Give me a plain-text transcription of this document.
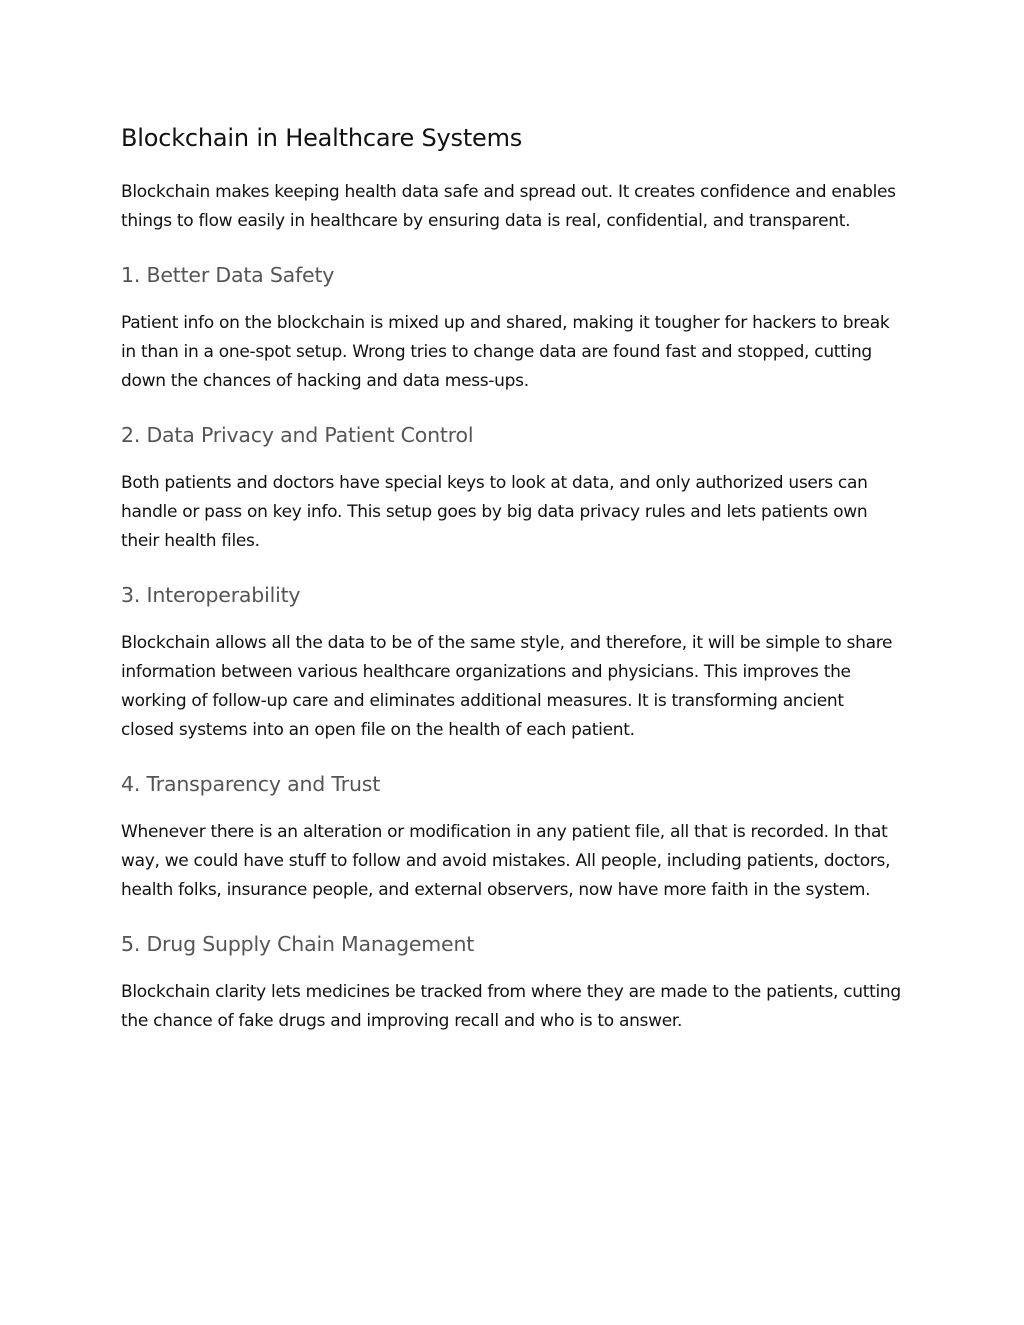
Blockchain in Healthcare Systems

Blockchain makes keeping health data safe and spread out. It creates confidence and enables things to flow easily in healthcare by ensuring data is real, confidential, and transparent.

1. Better Data Safety

Patient info on the blockchain is mixed up and shared, making it tougher for hackers to break in than in a one-spot setup. Wrong tries to change data are found fast and stopped, cutting down the chances of hacking and data mess-ups.

2. Data Privacy and Patient Control

Both patients and doctors have special keys to look at data, and only authorized users can handle or pass on key info. This setup goes by big data privacy rules and lets patients own their health files.

3. Interoperability

Blockchain allows all the data to be of the same style, and therefore, it will be simple to share information between various healthcare organizations and physicians. This improves the working of follow-up care and eliminates additional measures. It is transforming ancient closed systems into an open file on the health of each patient.

4. Transparency and Trust

Whenever there is an alteration or modification in any patient file, all that is recorded. In that way, we could have stuff to follow and avoid mistakes. All people, including patients, doctors, health folks, insurance people, and external observers, now have more faith in the system.

5. Drug Supply Chain Management

Blockchain clarity lets medicines be tracked from where they are made to the patients, cutting the chance of fake drugs and improving recall and who is to answer.
